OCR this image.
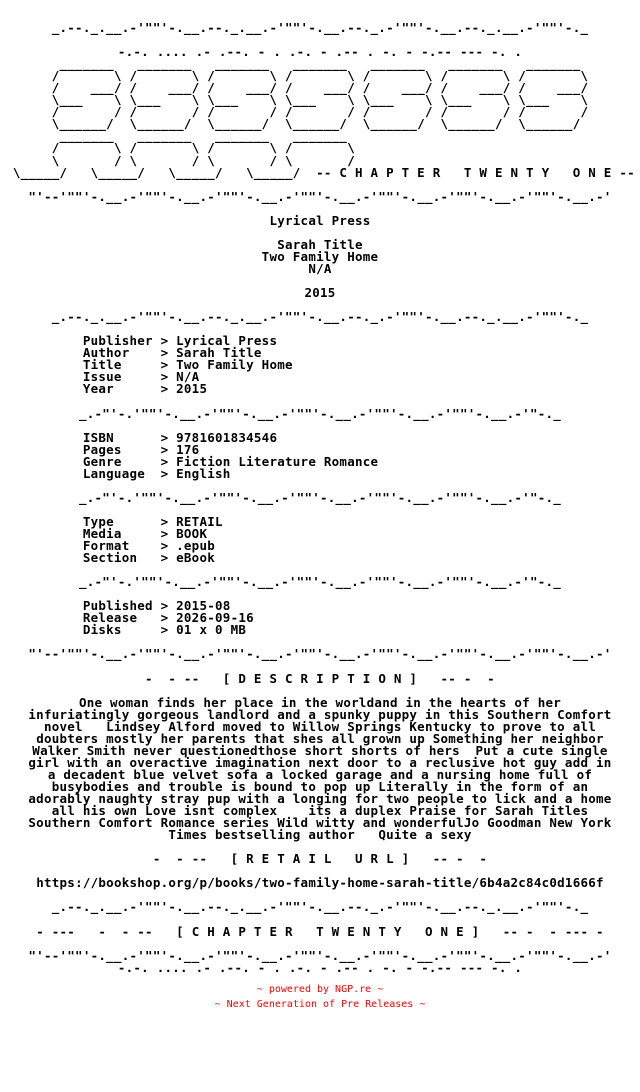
_.--._.__.-'""'-.__.--._.__.-'""'-.__.--._.-'""'-.__.--._.__.-'""'-._

-.-. .... .- .--. - . .-. - .-- . -. - -.-- --- -. .
_______   _______   _______   _______   _______   _______   _______
/       \ /       \ /       \ /       \ /       \ /       \ /       \
/    ___/ /    ___/ /    ___/ /    ___/ /    ___/ /    ___/ /    ___/
\___    \ \___    \ \___    \ \___    \ \___    \ \___    \ \___    \
/       / /       / /       / /       / /       / /       / /       /
\______/  \______/  \______/  \______/  \______/  \______/  \______/
_______   _______   _______   _______
/       \ /       \ /       \ /       \
\       / \       / \       / \       /
\_____/   \_____/   \_____/   \_____/  -- C H A P T E R   T W E N T Y   O N E --

"'--'""'-.__.-'""'-.__.-'""'-.__.-'""'-.__.-'""'-.__.-'""'-.__.-'""'-.__.-'

Lyrical Press

Sarah Title
Two Family Home
N/A

2015

_.--._.__.-'""'-.__.--._.__.-'""'-.__.--._.-'""'-.__.--._.__.-'""'-._

Publisher > Lyrical Press
Author    > Sarah Title
Title     > Two Family Home
Issue     > N/A
Year      > 2015

_.-"'-.'""'-.__.-'""'-.__.-'""'-.__.-'""'-.__.-'""'-.__.-'"-._

ISBN      > 9781601834546
Pages     > 176
Genre     > Fiction Literature Romance
Language  > English

_.-"'-.'""'-.__.-'""'-.__.-'""'-.__.-'""'-.__.-'""'-.__.-'"-._

Type      > RETAIL
Media     > BOOK
Format    > .epub
Section   > eBook

_.-"'-.'""'-.__.-'""'-.__.-'""'-.__.-'""'-.__.-'""'-.__.-'"-._

Published > 2015-08
Release   > 2026-09-16
Disks     > 01 x 0 MB

"'--'""'-.__.-'""'-.__.-'""'-.__.-'""'-.__.-'""'-.__.-'""'-.__.-'""'-.__.-'

-  - --   [ D E S C R I P T I O N ]   -- -  -

One woman finds her place in the worldand in the hearts of her
infuriatingly gorgeous landlord and a spunky puppy in this Southern Comfort
novel   Lindsey Alford moved to Willow Springs Kentucky to prove to all
doubters mostly her parents that shes all grown up Something her neighbor
Walker Smith never questionedthose short shorts of hers  Put a cute single
girl with an overactive imagination next door to a reclusive hot guy add in
a decadent blue velvet sofa a locked garage and a nursing home full of
busybodies and trouble is bound to pop up Literally in the form of an
adorably naughty stray pup with a longing for two people to lick and a home
all his own Love isnt complex    its a duplex Praise for Sarah Titles
Southern Comfort Romance series Wild witty and wonderfulJo Goodman New York
Times bestselling author   Quite a sexy

-  - --   [ R E T A I L   U R L ]   -- -  -

https://bookshop.org/p/books/two-family-home-sarah-title/6b4a2c84c0d1666f

_.--._.__.-'""'-.__.--._.__.-'""'-.__.--._.-'""'-.__.--._.__.-'""'-._

- ---   -  - --   [ C H A P T E R   T W E N T Y   O N E ]   -- -  - --- -

"'--'""'-.__.-'""'-.__.-'""'-.__.-'""'-.__.-'""'-.__.-'""'-.__.-'""'-.__.-'
-.-. .... .- .--. - . .-. - .-- . -. - -.-- --- -. .
~ powered by NGP.re ~
~ Next Generation of Pre Releases ~
